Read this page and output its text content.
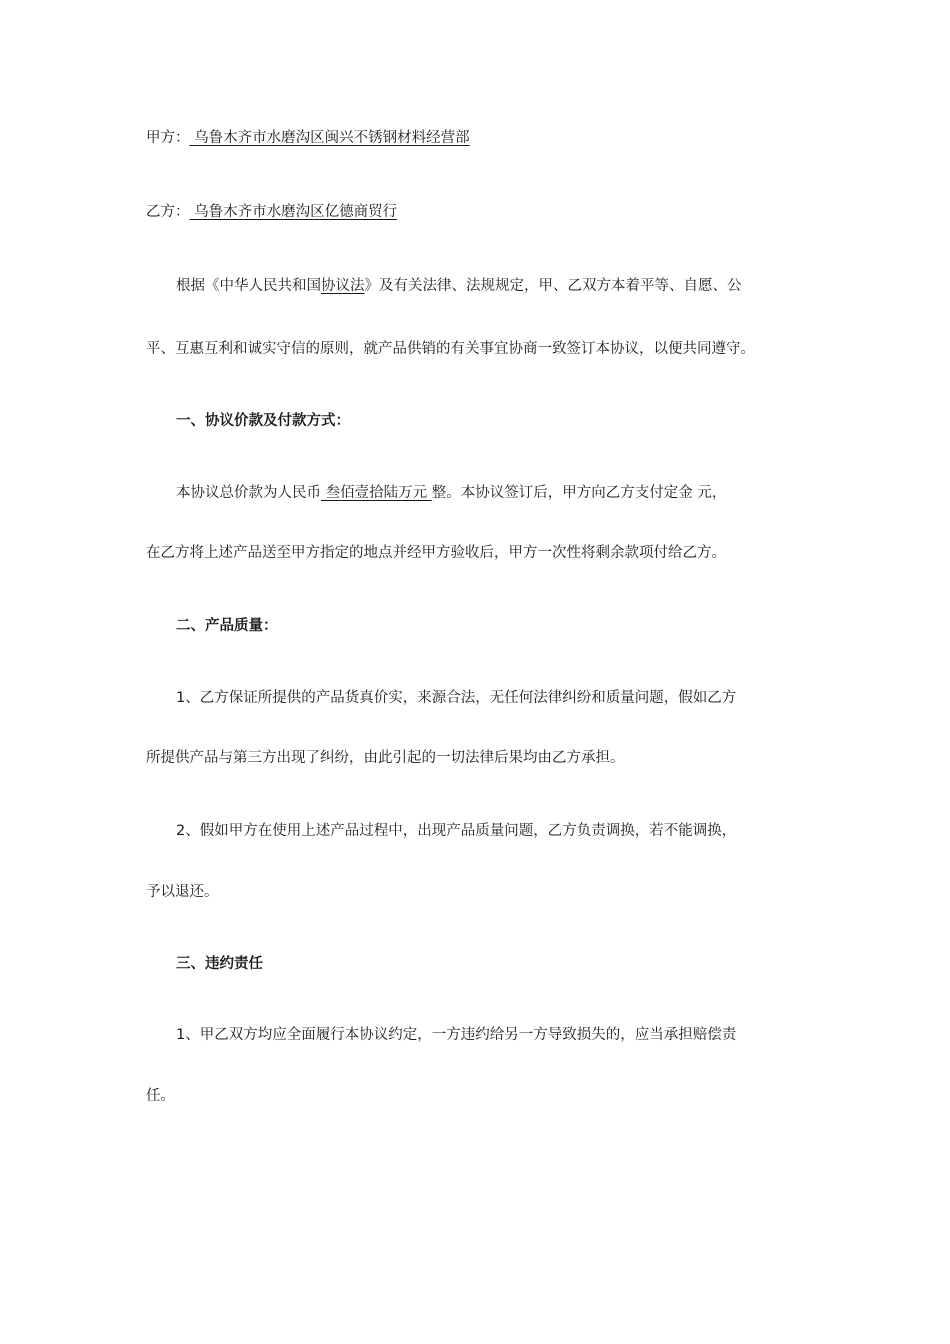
甲方： 乌鲁木齐市水磨沟区闽兴不锈钢材料经营部
乙方： 乌鲁木齐市水磨沟区亿德商贸行
根据《中华人民共和国协议法》及有关法律、法规规定，甲、乙双方本着平等、自愿、公
平、互惠互利和诚实守信的原则，就产品供销的有关事宜协商一致签订本协议，以便共同遵守。
一、协议价款及付款方式：
本协议总价款为人民币 叁佰壹拾陆万元 整。本协议签订后，甲方向乙方支付定金 元，
在乙方将上述产品送至甲方指定的地点并经甲方验收后，甲方一次性将剩余款项付给乙方。
二、产品质量：
1、乙方保证所提供的产品货真价实，来源合法，无任何法律纠纷和质量问题，假如乙方
所提供产品与第三方出现了纠纷，由此引起的一切法律后果均由乙方承担。
2、假如甲方在使用上述产品过程中，出现产品质量问题，乙方负责调换，若不能调换，
予以退还。
三、违约责任
1、甲乙双方均应全面履行本协议约定，一方违约给另一方导致损失的，应当承担赔偿责
任。
